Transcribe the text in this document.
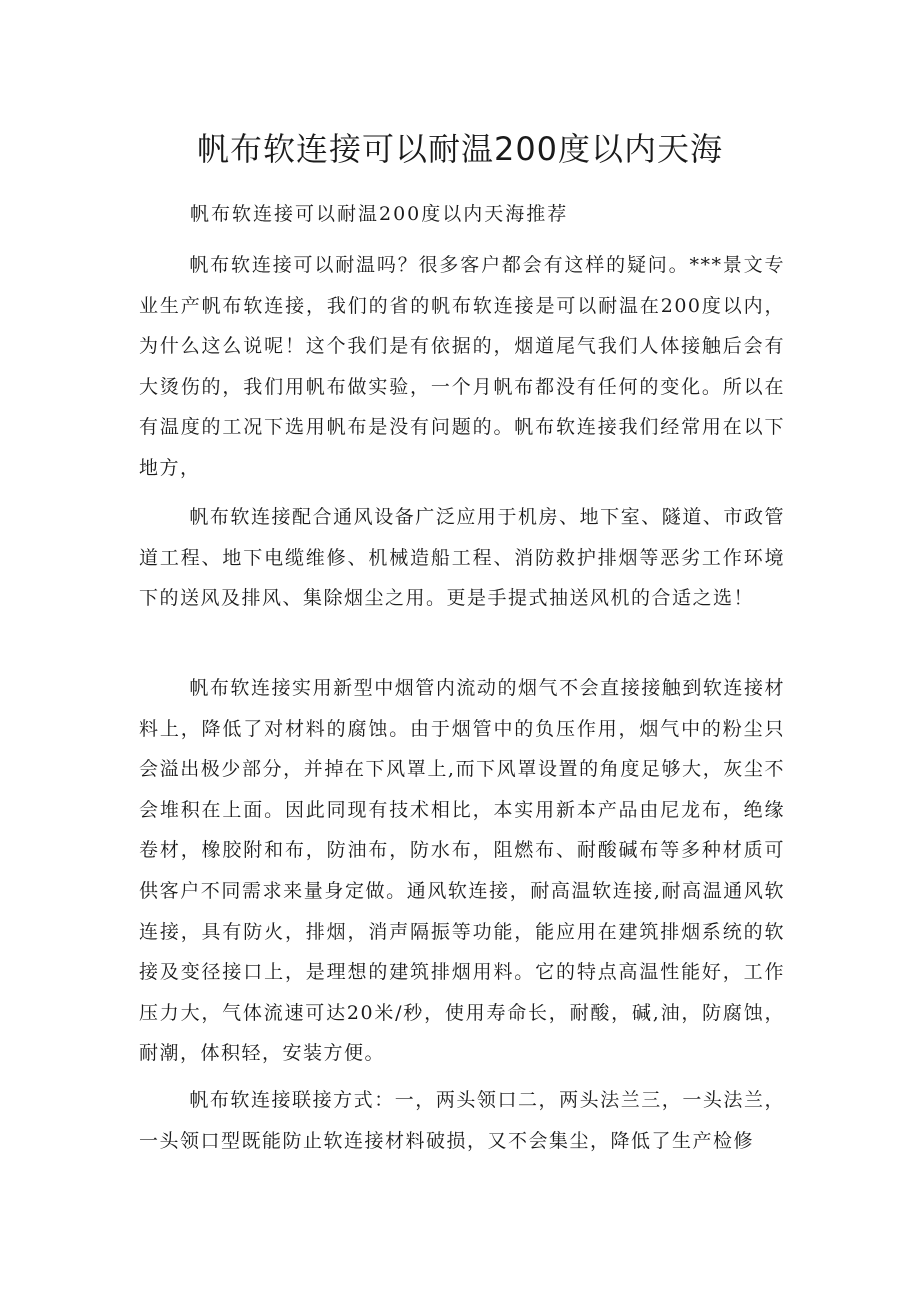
帆布软连接可以耐温200度以内天海

帆布软连接可以耐温200度以内天海推荐

帆布软连接可以耐温吗？很多客户都会有这样的疑问。***景文专业生产帆布软连接，我们的省的帆布软连接是可以耐温在200度以内，为什么这么说呢！这个我们是有依据的，烟道尾气我们人体接触后会有大烫伤的，我们用帆布做实验，一个月帆布都没有任何的变化。所以在有温度的工况下选用帆布是没有问题的。帆布软连接我们经常用在以下地方，

帆布软连接配合通风设备广泛应用于机房、地下室、隧道、市政管道工程、地下电缆维修、机械造船工程、消防救护排烟等恶劣工作环境下的送风及排风、集除烟尘之用。更是手提式抽送风机的合适之选！

帆布软连接实用新型中烟管内流动的烟气不会直接接触到软连接材料上，降低了对材料的腐蚀。由于烟管中的负压作用，烟气中的粉尘只会溢出极少部分，并掉在下风罩上,而下风罩设置的角度足够大，灰尘不会堆积在上面。因此同现有技术相比，本实用新本产品由尼龙布，绝缘卷材，橡胶附和布，防油布，防水布，阻燃布、耐酸碱布等多种材质可供客户不同需求来量身定做。通风软连接，耐高温软连接,耐高温通风软连接，具有防火，排烟，消声隔振等功能，能应用在建筑排烟系统的软接及变径接口上，是理想的建筑排烟用料。它的特点高温性能好，工作压力大，气体流速可达20米/秒，使用寿命长，耐酸，碱,油，防腐蚀，耐潮，体积轻，安装方便。

帆布软连接联接方式：一，两头领口二，两头法兰三，一头法兰，一头领口型既能防止软连接材料破损，又不会集尘，降低了生产检修
